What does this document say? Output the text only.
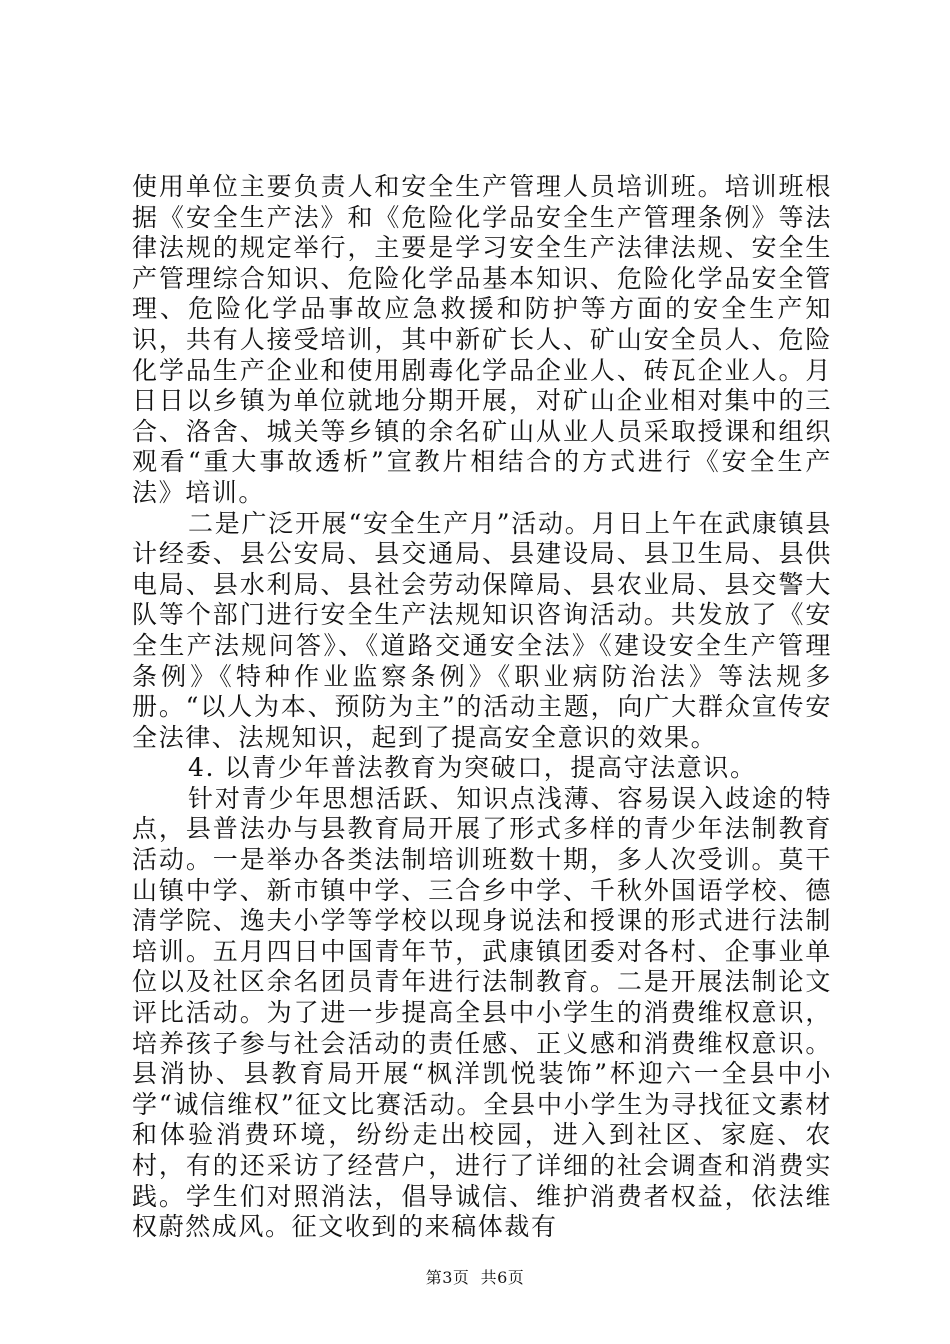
使用单位主要负责人和安全生产管理人员培训班。培训班根据《安全生产法》和《危险化学品安全生产管理条例》等法律法规的规定举行，主要是学习安全生产法律法规、安全生产管理综合知识、危险化学品基本知识、危险化学品安全管理、危险化学品事故应急救援和防护等方面的安全生产知识，共有人接受培训，其中新矿长人、矿山安全员人、危险化学品生产企业和使用剧毒化学品企业人、砖瓦企业人。月日日以乡镇为单位就地分期开展，对矿山企业相对集中的三合、洛舍、城关等乡镇的余名矿山从业人员采取授课和组织观看“重大事故透析”宣教片相结合的方式进行《安全生产法》培训。

二是广泛开展“安全生产月”活动。月日上午在武康镇县计经委、县公安局、县交通局、县建设局、县卫生局、县供电局、县水利局、县社会劳动保障局、县农业局、县交警大队等个部门进行安全生产法规知识咨询活动。共发放了《安全生产法规问答》、《道路交通安全法》《建设安全生产管理条例》《特种作业监察条例》《职业病防治法》等法规多册。“以人为本、预防为主”的活动主题，向广大群众宣传安全法律、法规知识，起到了提高安全意识的效果。

4. 以青少年普法教育为突破口，提高守法意识。

针对青少年思想活跃、知识点浅薄、容易误入歧途的特点，县普法办与县教育局开展了形式多样的青少年法制教育活动。一是举办各类法制培训班数十期，多人次受训。莫干山镇中学、新市镇中学、三合乡中学、千秋外国语学校、德清学院、逸夫小学等学校以现身说法和授课的形式进行法制培训。五月四日中国青年节，武康镇团委对各村、企事业单位以及社区余名团员青年进行法制教育。二是开展法制论文评比活动。为了进一步提高全县中小学生的消费维权意识，培养孩子参与社会活动的责任感、正义感和消费维权意识。县消协、县教育局开展“枫洋凯悦装饰”杯迎六一全县中小学“诚信维权”征文比赛活动。全县中小学生为寻找征文素材和体验消费环境，纷纷走出校园，进入到社区、家庭、农村，有的还采访了经营户，进行了详细的社会调查和消费实践。学生们对照消法，倡导诚信、维护消费者权益，依法维权蔚然成风。征文收到的来稿体裁有

第3页  共6页
